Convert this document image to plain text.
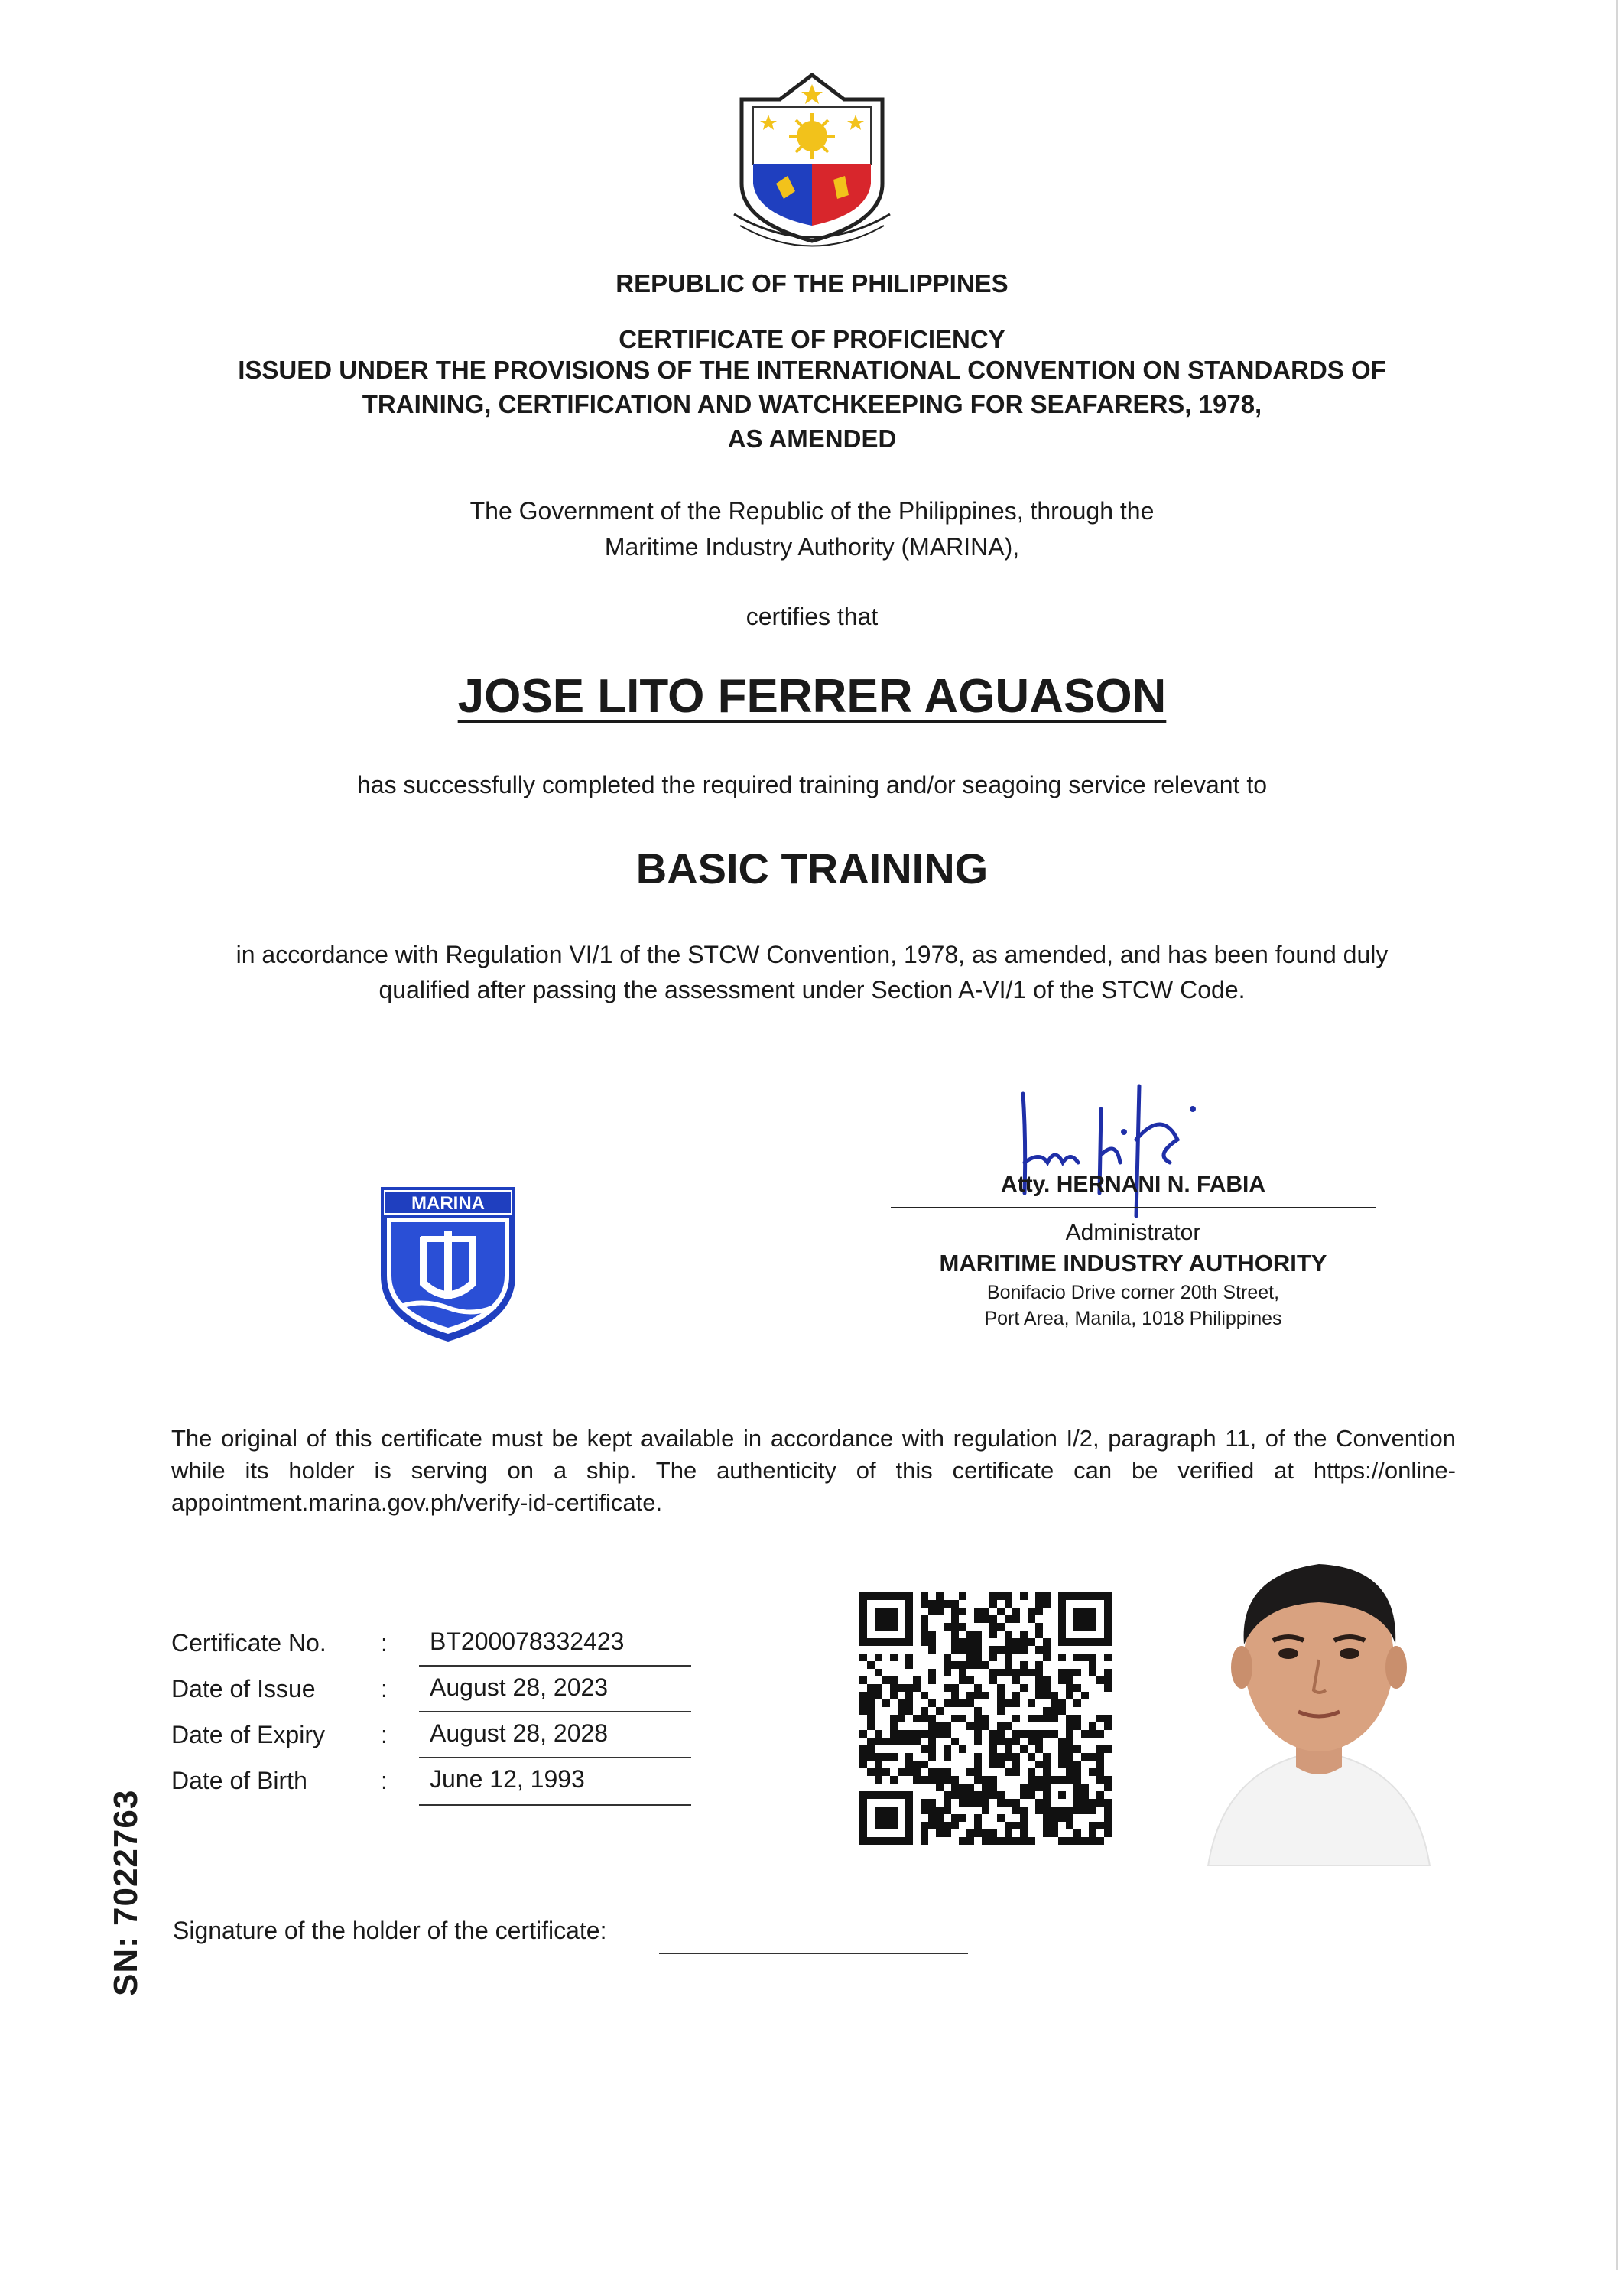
REPUBLIC OF THE PHILIPPINES
CERTIFICATE OF PROFICIENCY
ISSUED UNDER THE PROVISIONS OF THE INTERNATIONAL CONVENTION ON STANDARDS OF
TRAINING, CERTIFICATION AND WATCHKEEPING FOR SEAFARERS, 1978,
AS AMENDED
The Government of the Republic of the Philippines, through the
Maritime Industry Authority (MARINA),
certifies that
JOSE LITO FERRER AGUASON
has successfully completed the required training and/or seagoing service relevant to
BASIC TRAINING
in accordance with Regulation VI/1 of the STCW Convention, 1978, as amended, and has been found duly
qualified after passing the assessment under Section A-VI/1 of the STCW Code.
MARINA
Atty. HERNANI N. FABIA
Administrator
MARITIME INDUSTRY AUTHORITY
Bonifacio Drive corner 20th Street,
Port Area, Manila, 1018 Philippines
The original of this certificate must be kept available in accordance with regulation I/2, paragraph 11, of the Convention while its holder is serving on a ship. The authenticity of this certificate can be verified at https://online-appointment.marina.gov.ph/verify-id-certificate.
Certificate No. : BT200078332423
Date of Issue	: August 28, 2023
Date of Expiry : August 28, 2028
Date of Birth	: June 12, 1993
Signature of the holder of the certificate:
SN: 7022763
